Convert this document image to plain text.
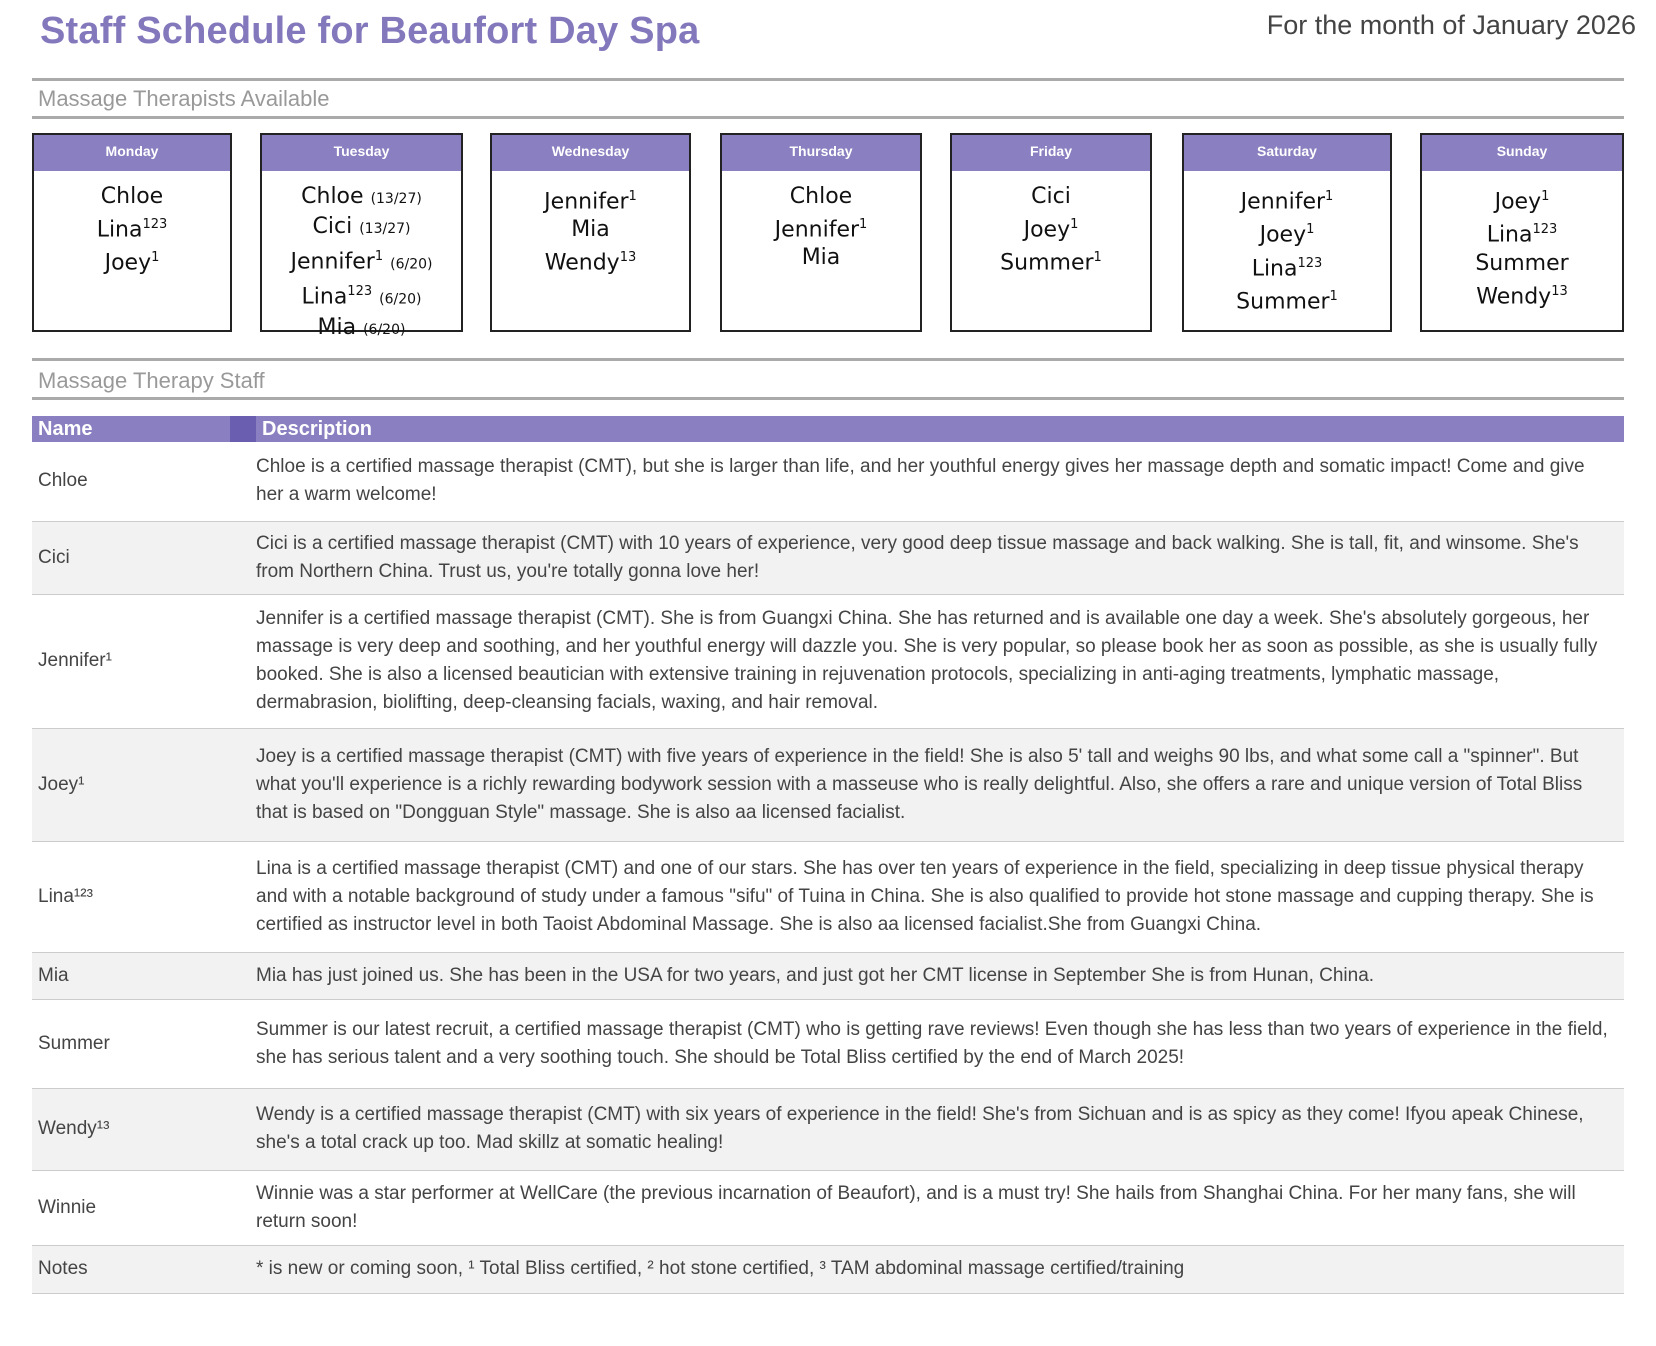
Staff Schedule for Beaufort Day Spa	For the month of January 2026
Massage Therapists Available
Monday
Chloe
Lina$^{123}$
Joey$^1$
Tuesday
Chloe (13/27)
Cici (13/27)
Jennifer$^1$ (6/20)
Lina$^{123}$ (6/20)
Mia (6/20)
Wednesday
Jennifer$^1$
Mia
Wendy$^{13}$
Thursday
Chloe
Jennifer$^1$
Mia
Friday
Cici
Joey$^1$
Summer$^1$
Saturday
Jennifer$^1$
Joey$^1$
Lina$^{123}$
Summer$^1$
Sunday
Joey$^1$
Lina$^{123}$
Summer
Wendy$^{13}$
Massage Therapy Staff
Name		Description
Chloe		Chloe is a certified massage therapist (CMT), but she is larger than life, and her youthful energy gives her massage depth and somatic impact! Come and give her a warm welcome!
Cici		Cici is a certified massage therapist (CMT) with 10 years of experience, very good deep tissue massage and back walking. She is tall, fit, and winsome. She's from Northern China. Trust us, you're totally gonna love her!
Jennifer¹		Jennifer is a certified massage therapist (CMT). She is from Guangxi China. She has returned and is available one day a week. She's absolutely gorgeous, her massage is very deep and soothing, and her youthful energy will dazzle you. She is very popular, so please book her as soon as possible, as she is usually fully booked. She is also a licensed beautician with extensive training in rejuvenation protocols, specializing in anti-aging treatments, lymphatic massage, dermabrasion, biolifting, deep-cleansing facials, waxing, and hair removal.
Joey¹		Joey is a certified massage therapist (CMT) with five years of experience in the field! She is also 5' tall and weighs 90 lbs, and what some call a "spinner". But what you'll experience is a richly rewarding bodywork session with a masseuse who is really delightful. Also, she offers a rare and unique version of Total Bliss that is based on "Dongguan Style" massage. She is also aa licensed facialist.
Lina¹²³		Lina is a certified massage therapist (CMT) and one of our stars. She has over ten years of experience in the field, specializing in deep tissue physical therapy and with a notable background of study under a famous "sifu" of Tuina in China. She is also qualified to provide hot stone massage and cupping therapy. She is certified as instructor level in both Taoist Abdominal Massage. She is also aa licensed facialist.She from Guangxi China.
Mia		Mia has just joined us. She has been in the USA for two years, and just got her CMT license in September She is from Hunan, China.
Summer		Summer is our latest recruit, a certified massage therapist (CMT) who is getting rave reviews! Even though she has less than two years of experience in the field, she has serious talent and a very soothing touch. She should be Total Bliss certified by the end of March 2025!
Wendy¹³		Wendy is a certified massage therapist (CMT) with six years of experience in the field! She's from Sichuan and is as spicy as they come! Ifyou apeak Chinese, she's a total crack up too. Mad skillz at somatic healing!
Winnie		Winnie was a star performer at WellCare (the previous incarnation of Beaufort), and is a must try! She hails from Shanghai China. For her many fans, she will return soon!
Notes		* is new or coming soon, ¹ Total Bliss certified, ² hot stone certified, ³ TAM abdominal massage certified/training
